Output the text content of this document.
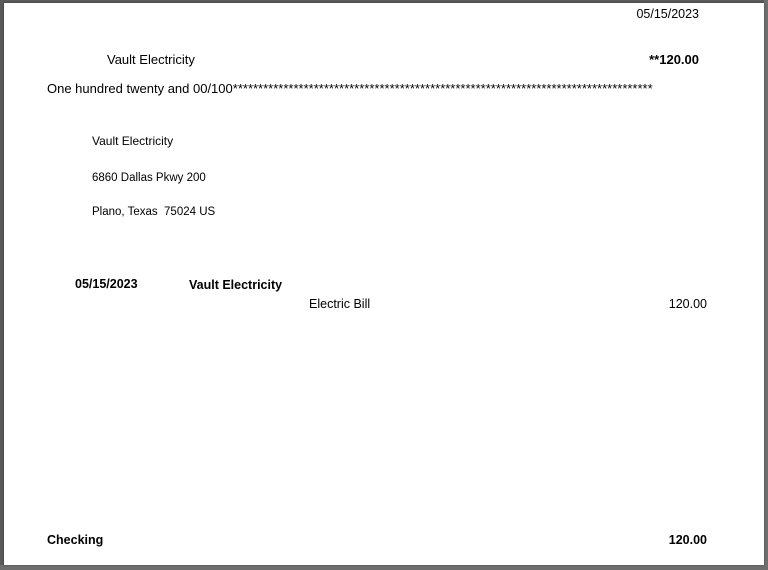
05/15/2023
Vault Electricity	**120.00
One hundred twenty and 00/100***********************************************************************************

Vault Electricity

6860 Dallas Pkwy 200

Plano, Texas  75024 US

05/15/2023	Vault Electricity
Electric Bill	120.00
Checking	120.00
